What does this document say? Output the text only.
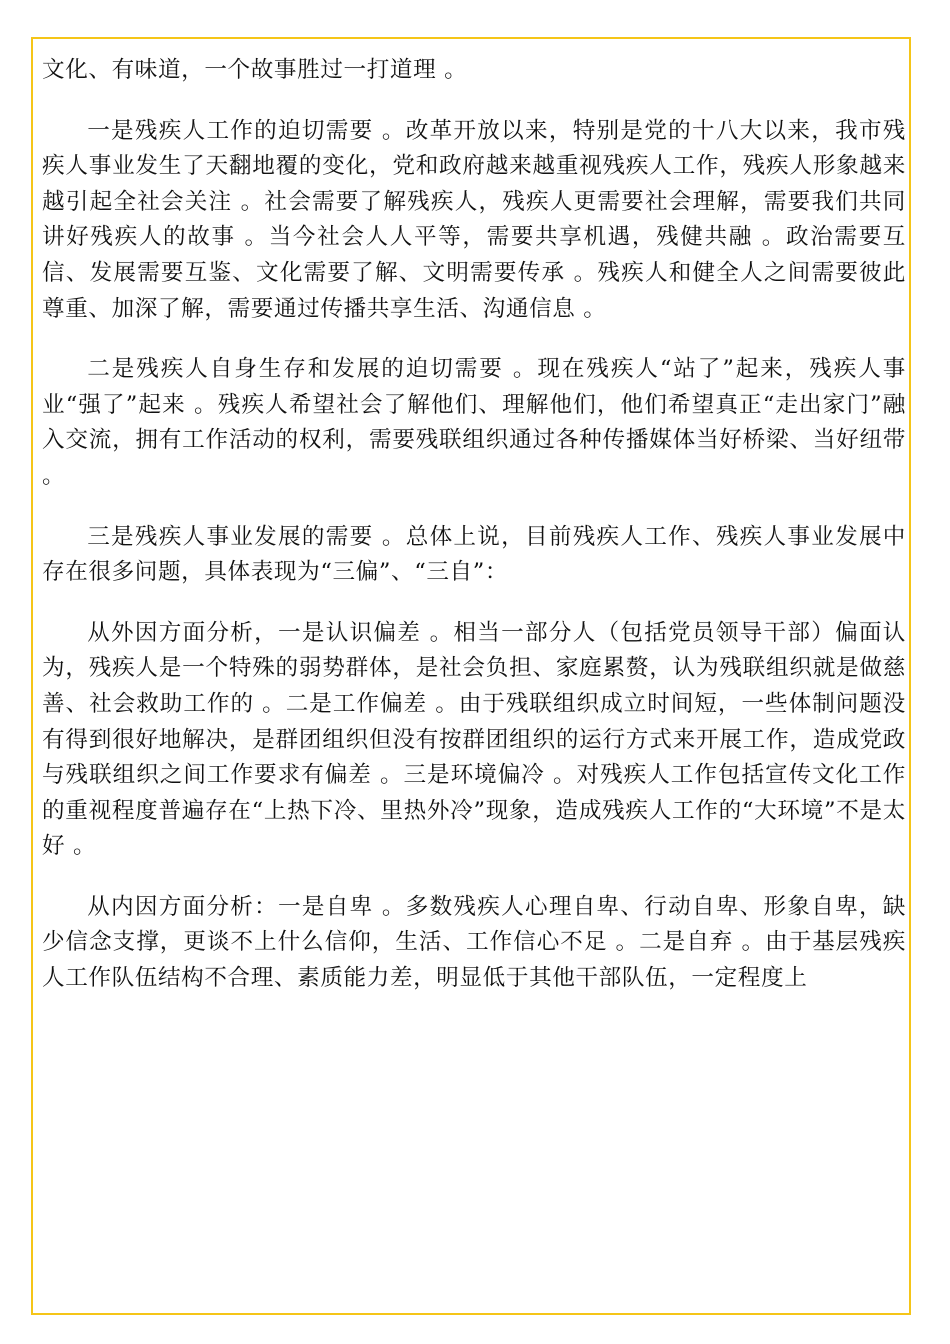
文化、有味道，一个故事胜过一打道理 。

一是残疾人工作的迫切需要 。改革开放以来，特别是党的十八大以来，我市残疾人事业发生了天翻地覆的变化，党和政府越来越重视残疾人工作，残疾人形象越来越引起全社会关注 。社会需要了解残疾人，残疾人更需要社会理解，需要我们共同讲好残疾人的故事 。当今社会人人平等，需要共享机遇，残健共融 。政治需要互信、发展需要互鉴、文化需要了解、文明需要传承 。残疾人和健全人之间需要彼此尊重、加深了解，需要通过传播共享生活、沟通信息 。

二是残疾人自身生存和发展的迫切需要 。现在残疾人“站了”起来，残疾人事业“强了”起来 。残疾人希望社会了解他们、理解他们，他们希望真正“走出家门”融入交流，拥有工作活动的权利，需要残联组织通过各种传播媒体当好桥梁、当好纽带 。

三是残疾人事业发展的需要 。总体上说，目前残疾人工作、残疾人事业发展中存在很多问题，具体表现为“三偏”、“三自”：

从外因方面分析，一是认识偏差 。相当一部分人（包括党员领导干部）偏面认为，残疾人是一个特殊的弱势群体，是社会负担、家庭累赘，认为残联组织就是做慈善、社会救助工作的 。二是工作偏差 。由于残联组织成立时间短，一些体制问题没有得到很好地解决，是群团组织但没有按群团组织的运行方式来开展工作，造成党政与残联组织之间工作要求有偏差 。三是环境偏冷 。对残疾人工作包括宣传文化工作的重视程度普遍存在“上热下冷、里热外冷”现象，造成残疾人工作的“大环境”不是太好 。

从内因方面分析：一是自卑 。多数残疾人心理自卑、行动自卑、形象自卑，缺少信念支撑，更谈不上什么信仰，生活、工作信心不足 。二是自弃 。由于基层残疾人工作队伍结构不合理、素质能力差，明显低于其他干部队伍，一定程度上
